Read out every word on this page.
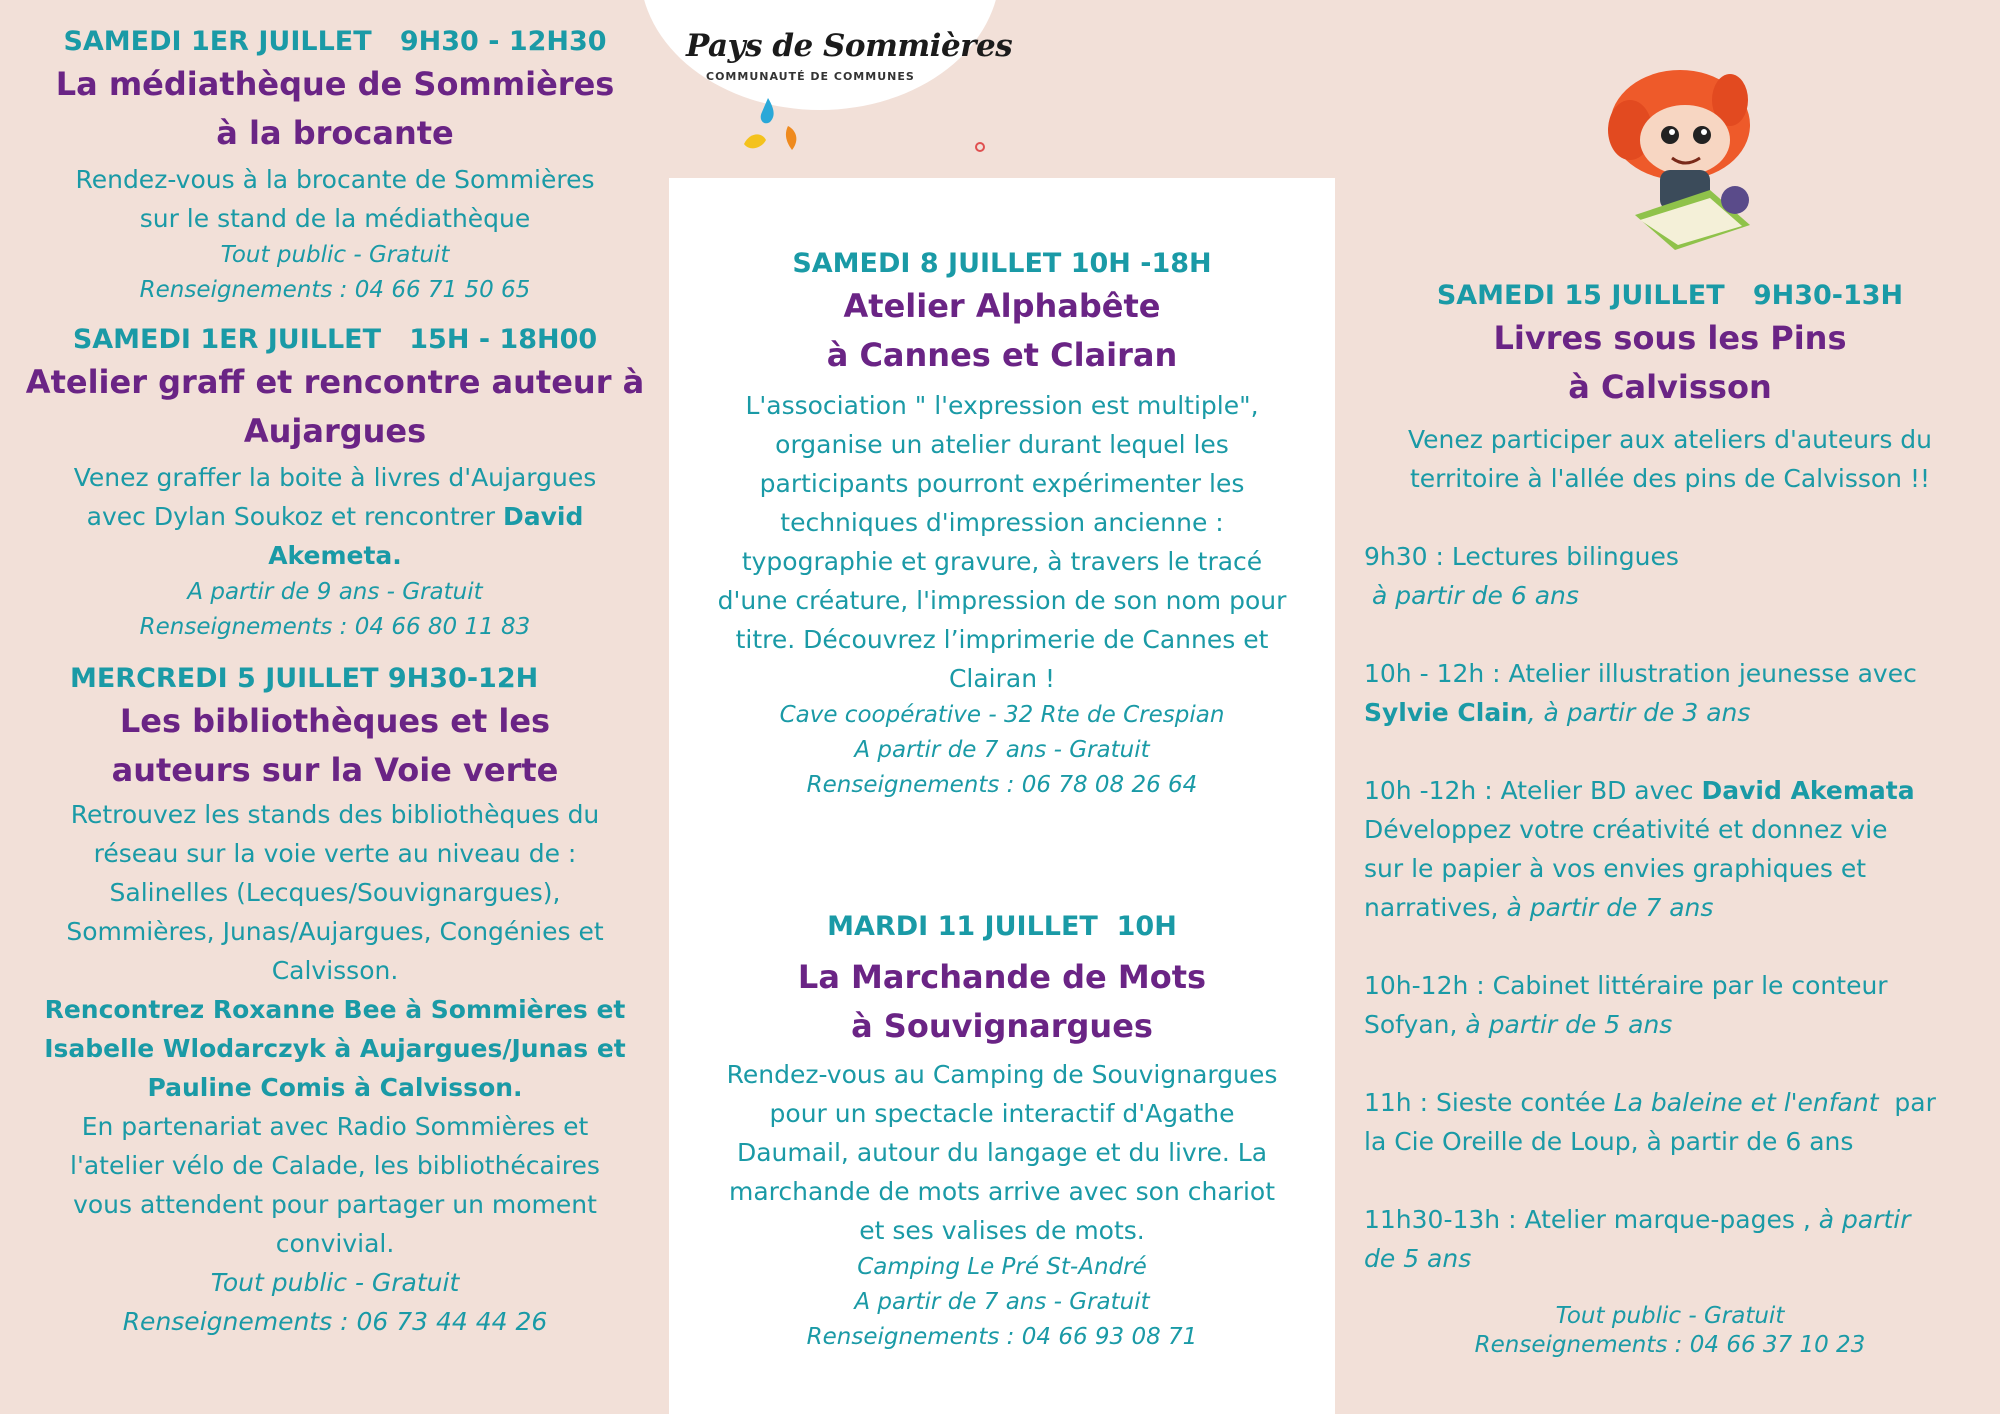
Pays de Sommières
COMMUNAUTÉ DE COMMUNES

SAMEDI 1ER JUILLET   9H30 - 12H30

La médiathèque de Sommières

à la brocante

Rendez-vous à la brocante de Sommières

sur le stand de la médiathèque

Tout public - Gratuit

Renseignements : 04 66 71 50 65

SAMEDI 1ER JUILLET   15H - 18H00

Atelier graff et rencontre auteur à

Aujargues

Venez graffer la boite à livres d'Aujargues

avec Dylan Soukoz et rencontrer David

Akemeta.

A partir de 9 ans - Gratuit

Renseignements : 04 66 80 11 83

MERCREDI 5 JUILLET 9H30-12H

Les bibliothèques et les

auteurs sur la Voie verte

Retrouvez les stands des bibliothèques du

réseau sur la voie verte au niveau de :

Salinelles (Lecques/Souvignargues),

Sommières, Junas/Aujargues, Congénies et

Calvisson.

Rencontrez Roxanne Bee à Sommières et

Isabelle Wlodarczyk à Aujargues/Junas et

Pauline Comis à Calvisson.

En partenariat avec Radio Sommières et

l'atelier vélo de Calade, les bibliothécaires

vous attendent pour partager un moment

convivial.

Tout public - Gratuit

Renseignements : 06 73 44 44 26

SAMEDI 8 JUILLET 10H -18H

Atelier Alphabête

à Cannes et Clairan

L'association " l'expression est multiple",

organise un atelier durant lequel les

participants pourront expérimenter les

techniques d'impression ancienne :

typographie et gravure, à travers le tracé

d'une créature, l'impression de son nom pour

titre. Découvrez l’imprimerie de Cannes et

Clairan !

Cave coopérative - 32 Rte de Crespian

A partir de 7 ans - Gratuit

Renseignements : 06 78 08 26 64

MARDI 11 JUILLET  10H

La Marchande de Mots

à Souvignargues

Rendez-vous au Camping de Souvignargues

pour un spectacle interactif d'Agathe

Daumail, autour du langage et du livre. La

marchande de mots arrive avec son chariot

et ses valises de mots.

Camping Le Pré St-André

A partir de 7 ans - Gratuit

Renseignements : 04 66 93 08 71

SAMEDI 15 JUILLET   9H30-13H

Livres sous les Pins

à Calvisson

Venez participer aux ateliers d'auteurs du

territoire à l'allée des pins de Calvisson !!

9h30 : Lectures bilingues
à partir de 6 ans
10h - 12h : Atelier illustration jeunesse avec
Sylvie Clain, à partir de 3 ans
10h -12h : Atelier BD avec David Akemata
Développez votre créativité et donnez vie
sur le papier à vos envies graphiques et
narratives, à partir de 7 ans
10h-12h : Cabinet littéraire par le conteur
Sofyan, à partir de 5 ans
11h : Sieste contée La baleine et l'enfant  par
la Cie Oreille de Loup, à partir de 6 ans
11h30-13h : Atelier marque-pages , à partir
de 5 ans

Tout public - Gratuit

Renseignements : 04 66 37 10 23
